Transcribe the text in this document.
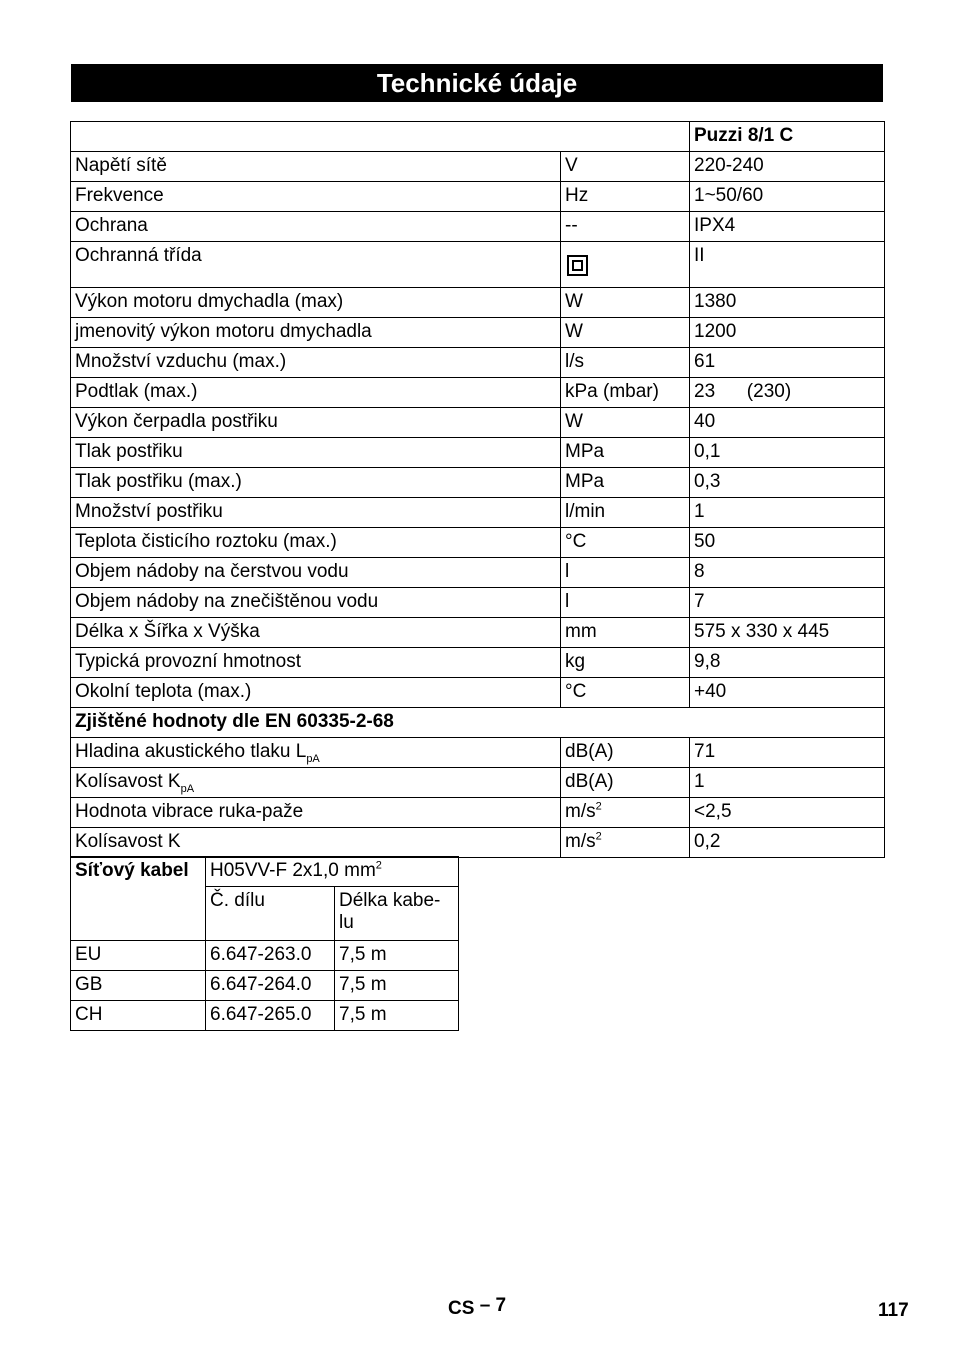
Technické údaje
		Puzzi 8/1 C
Napětí sítě	V	220-240
Frekvence	Hz	1~50/60
Ochrana	--	IPX4
Ochranná třída		II
Výkon motoru dmychadla (max)	W	1380
jmenovitý výkon motoru dmychadla	W	1200
Množství vzduchu (max.)	l/s	61
Podtlak (max.)	kPa (mbar)	23      (230)
Výkon čerpadla postřiku	W	40
Tlak postřiku	MPa	0,1
Tlak postřiku (max.)	MPa	0,3
Množství postřiku	l/min	1
Teplota čisticího roztoku (max.)	°C	50
Objem nádoby na čerstvou vodu	l	8
Objem nádoby na znečištěnou vodu	l	7
Délka x Šířka x Výška	mm	575 x 330 x 445
Typická provozní hmotnost	kg	9,8
Okolní teplota (max.)	°C	+40
Zjištěné hodnoty dle EN 60335-2-68		
Hladina akustického tlaku $L_{pA}$	dB(A)	71
Kolísavost $K_{pA}$	dB(A)	1
Hodnota vibrace ruka-paže	$m/s^2$	<2,5
Kolísavost K	$m/s^2$	0,2
Síťový kabel	H05VV-F 2x1,0 $mm^2$
	Č. dílu	Délka kabe-lu
EU	6.647-263.0	7,5 m
GB	6.647-264.0	7,5 m
CH	6.647-265.0	7,5 m
CS – 7	117
